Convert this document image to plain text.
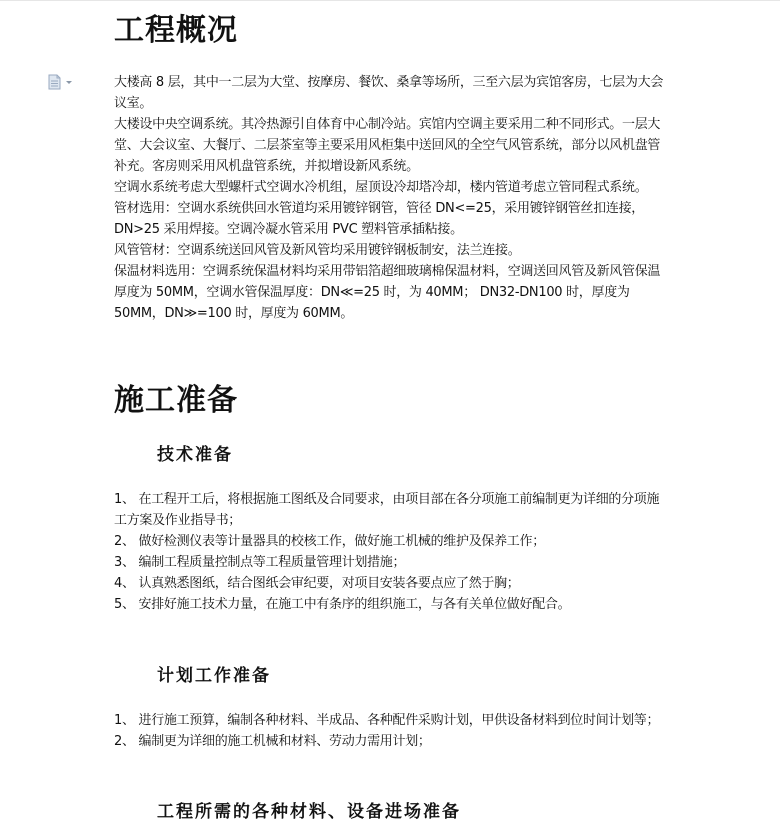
工程概况

大楼高 8 层，其中一二层为大堂、按摩房、餐饮、桑拿等场所，三至六层为宾馆客房，七层为大会议室。

大楼设中央空调系统。其冷热源引自体育中心制冷站。宾馆内空调主要采用二种不同形式。一层大堂、大会议室、大餐厅、二层茶室等主要采用风柜集中送回风的全空气风管系统，部分以风机盘管补充。客房则采用风机盘管系统，并拟增设新风系统。

空调水系统考虑大型螺杆式空调水冷机组，屋顶设冷却塔冷却，楼内管道考虑立管同程式系统。

管材选用：空调水系统供回水管道均采用镀锌钢管，管径 DN<=25，采用镀锌钢管丝扣连接，DN>25 采用焊接。空调冷凝水管采用 PVC 塑料管承插粘接。

风管管材：空调系统送回风管及新风管均采用镀锌钢板制安，法兰连接。

保温材料选用：空调系统保温材料均采用带铝箔超细玻璃棉保温材料，空调送回风管及新风管保温厚度为 50MM，空调水管保温厚度：DN≪=25 时，为 40MM； DN32-DN100 时，厚度为 50MM，DN≫=100 时，厚度为 60MM。

施工准备
技术准备

1、 在工程开工后，将根据施工图纸及合同要求，由项目部在各分项施工前编制更为详细的分项施工方案及作业指导书；

2、 做好检测仪表等计量器具的校核工作，做好施工机械的维护及保养工作；

3、 编制工程质量控制点等工程质量管理计划措施；

4、 认真熟悉图纸，结合图纸会审纪要，对项目安装各要点应了然于胸；

5、 安排好施工技术力量，在施工中有条序的组织施工，与各有关单位做好配合。

计划工作准备

1、 进行施工预算，编制各种材料、半成品、各种配件采购计划，甲供设备材料到位时间计划等；

2、 编制更为详细的施工机械和材料、劳动力需用计划；

工程所需的各种材料、设备进场准备
